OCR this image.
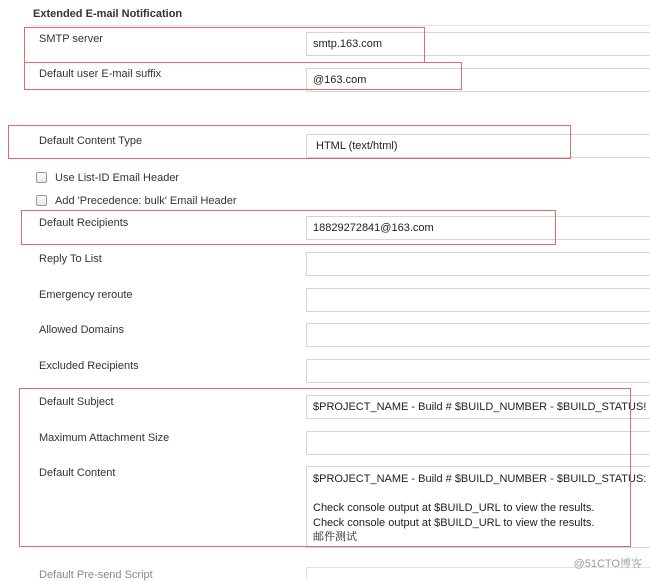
Extended E-mail Notification
SMTP server	smtp.163.com
Default user E-mail suffix	@163.com
Default Content Type	HTML (text/html)
Use List-ID Email Header
Add 'Precedence: bulk' Email Header
Default Recipients	18829272841@163.com
Reply To List
Emergency reroute
Allowed Domains
Excluded Recipients
Default Subject	$PROJECT_NAME - Build # $BUILD_NUMBER - $BUILD_STATUS!
Maximum Attachment Size
Default Content	$PROJECT_NAME - Build # $BUILD_NUMBER - $BUILD_STATUS:

Check console output at $BUILD_URL to view the results.
Check console output at $BUILD_URL to view the results.
邮件测试
Default Pre-send Script
@51CTO博客
